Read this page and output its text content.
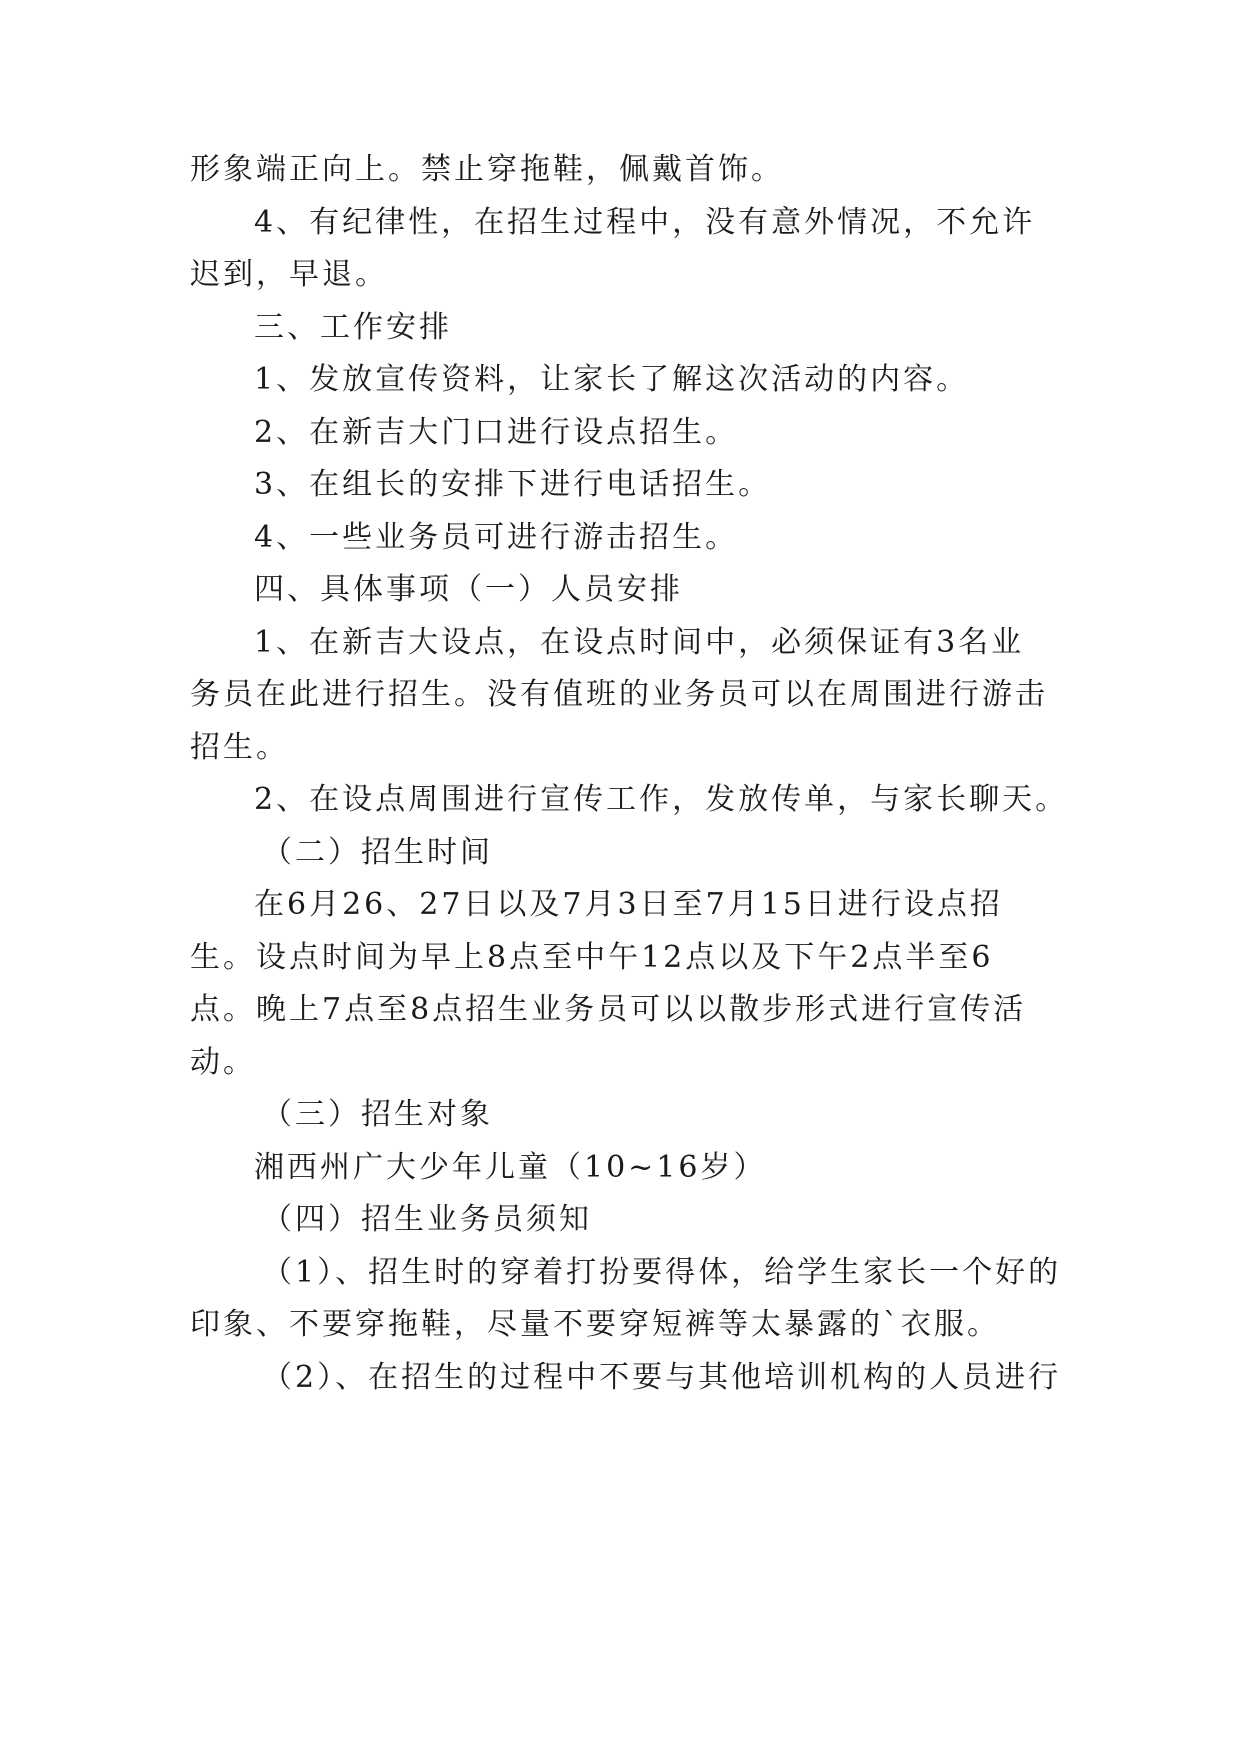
形象端正向上。禁止穿拖鞋，佩戴首饰。
4、有纪律性，在招生过程中，没有意外情况，不允许
迟到，早退。
三、工作安排
1、发放宣传资料，让家长了解这次活动的内容。
2、在新吉大门口进行设点招生。
3、在组长的安排下进行电话招生。
4、一些业务员可进行游击招生。
四、具体事项（一）人员安排
1、在新吉大设点，在设点时间中，必须保证有3名业
务员在此进行招生。没有值班的业务员可以在周围进行游击
招生。
2、在设点周围进行宣传工作，发放传单，与家长聊天。
（二）招生时间
在6月26、27日以及7月3日至7月15日进行设点招
生。设点时间为早上8点至中午12点以及下午2点半至6
点。晚上7点至8点招生业务员可以以散步形式进行宣传活
动。
（三）招生对象
湘西州广大少年儿童（10~16岁）
（四）招生业务员须知
（1）、招生时的穿着打扮要得体，给学生家长一个好的
印象、不要穿拖鞋，尽量不要穿短裤等太暴露的`衣服。
（2）、在招生的过程中不要与其他培训机构的人员进行
